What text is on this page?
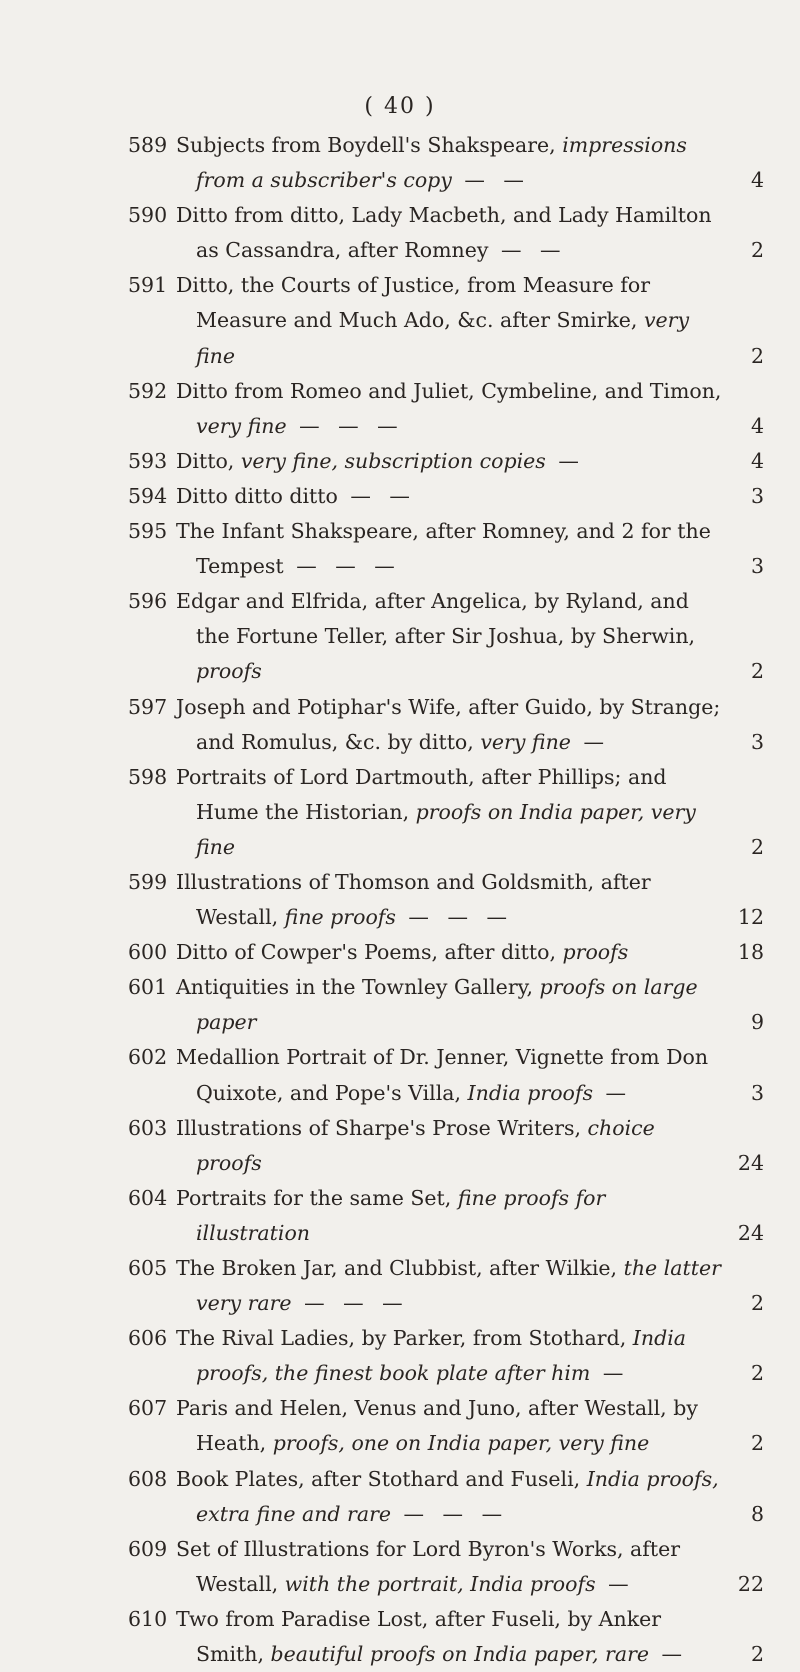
( 40 )
589 Subjects from Boydell's Shakspeare, impressions from a subscriber's copy — —	4
590 Ditto from ditto, Lady Macbeth, and Lady Hamilton as Cassandra, after Romney — —	2
591 Ditto, the Courts of Justice, from Measure for Measure and Much Ado, &c. after Smirke, very fine	2
592 Ditto from Romeo and Juliet, Cymbeline, and Timon, very fine — — —	4
593 Ditto, very fine, subscription copies —	4
594 Ditto ditto ditto — —	3
595 The Infant Shakspeare, after Romney, and 2 for the Tempest — — —	3
596 Edgar and Elfrida, after Angelica, by Ryland, and the Fortune Teller, after Sir Joshua, by Sherwin, proofs	2
597 Joseph and Potiphar's Wife, after Guido, by Strange; and Romulus, &c. by ditto, very fine —	3
598 Portraits of Lord Dartmouth, after Phillips; and Hume the Historian, proofs on India paper, very fine	2
599 Illustrations of Thomson and Goldsmith, after Westall, fine proofs — — —	12
600 Ditto of Cowper's Poems, after ditto, proofs	18
601 Antiquities in the Townley Gallery, proofs on large paper	9
602 Medallion Portrait of Dr. Jenner, Vignette from Don Quixote, and Pope's Villa, India proofs —	3
603 Illustrations of Sharpe's Prose Writers, choice proofs	24
604 Portraits for the same Set, fine proofs for illustration	24
605 The Broken Jar, and Clubbist, after Wilkie, the latter very rare — — —	2
606 The Rival Ladies, by Parker, from Stothard, India proofs, the finest book plate after him —	2
607 Paris and Helen, Venus and Juno, after Westall, by Heath, proofs, one on India paper, very fine	2
608 Book Plates, after Stothard and Fuseli, India proofs, extra fine and rare — — —	8
609 Set of Illustrations for Lord Byron's Works, after Westall, with the portrait, India proofs —	22
610 Two from Paradise Lost, after Fuseli, by Anker Smith, beautiful proofs on India paper, rare —	2
